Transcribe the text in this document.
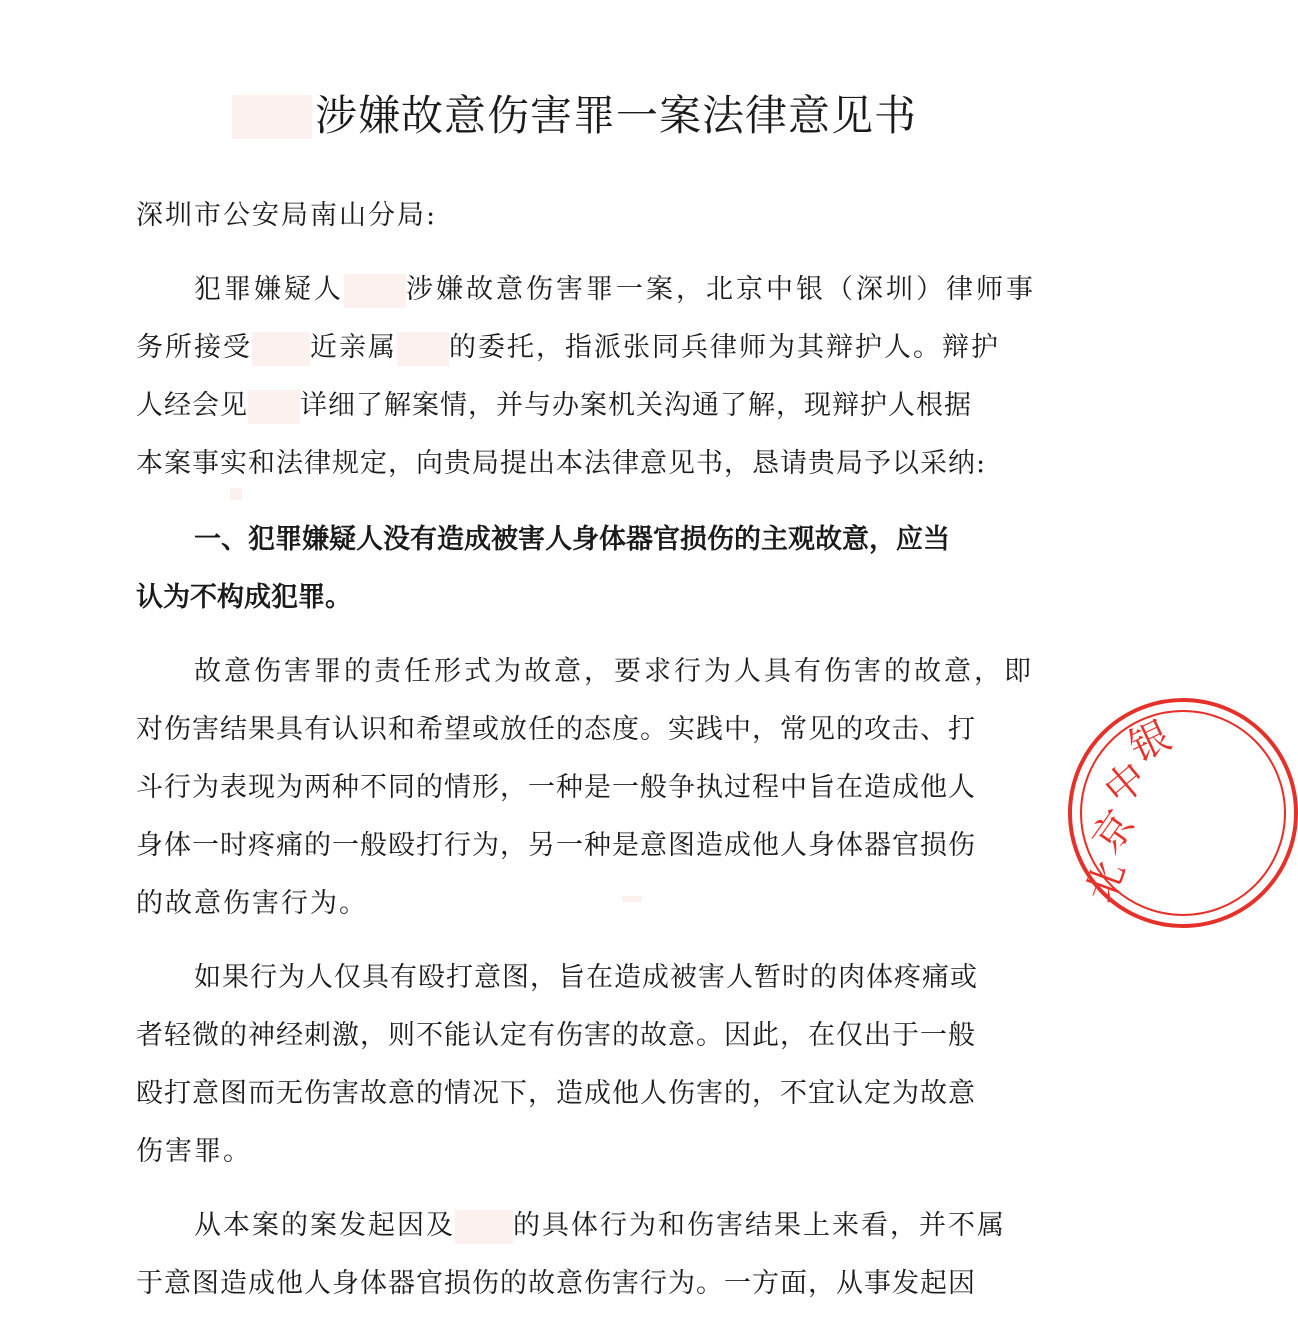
涉嫌故意伤害罪一案法律意见书
深圳市公安局南山分局:
犯罪嫌疑人 涉嫌故意伤害罪一案，北京中银（深圳）律师事
务所接受 近亲属 的委托，指派张同兵律师为其辩护人。辩护
人经会见 详细了解案情，并与办案机关沟通了解，现辩护人根据
本案事实和法律规定，向贵局提出本法律意见书，恳请贵局予以采纳:
一、犯罪嫌疑人没有造成被害人身体器官损伤的主观故意，应当
认为不构成犯罪。
故意伤害罪的责任形式为故意，要求行为人具有伤害的故意，即
对伤害结果具有认识和希望或放任的态度。实践中，常见的攻击、打
斗行为表现为两种不同的情形，一种是一般争执过程中旨在造成他人
身体一时疼痛的一般殴打行为，另一种是意图造成他人身体器官损伤
的故意伤害行为。
如果行为人仅具有殴打意图，旨在造成被害人暂时的肉体疼痛或
者轻微的神经刺激，则不能认定有伤害的故意。因此，在仅出于一般
殴打意图而无伤害故意的情况下，造成他人伤害的，不宜认定为故意
伤害罪。
从本案的案发起因及 的具体行为和伤害结果上来看，并不属
于意图造成他人身体器官损伤的故意伤害行为。一方面，从事发起因
北
京
中
银
